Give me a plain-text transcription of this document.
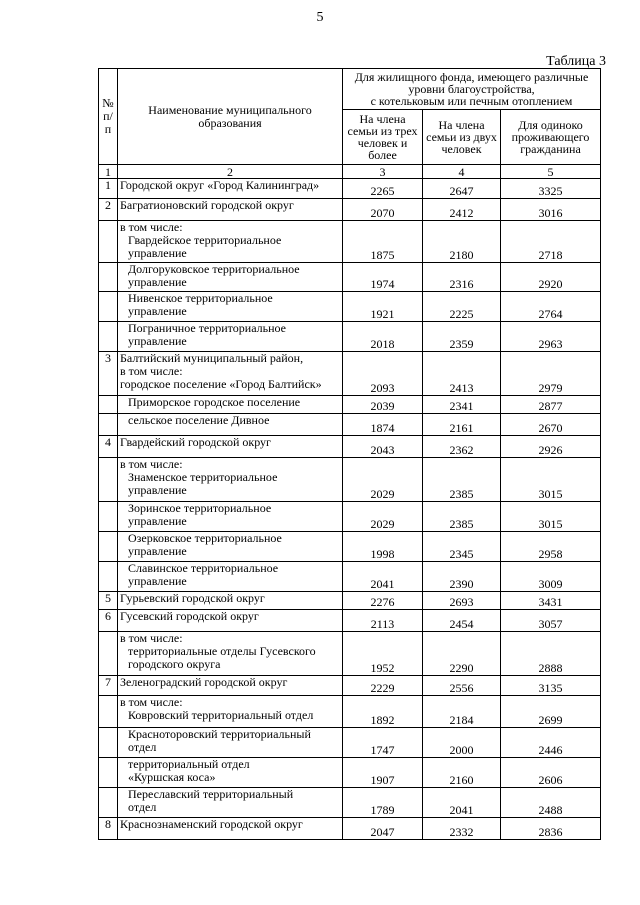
5
Таблица 3
№
п/п	Наименование муниципального образования	Для жилищного фонда, имеющего различные
уровни благоустройства,
с котельковым или печным отоплением		

		На члена семьи из трех человек и более	На члена семьи из двух человек	Для одиноко проживающего гражданина
1	2	3	4	5
1	Городской округ «Город Калининград»	2265	2647	3325
2	Багратионовский городской округ	2070	2412	3016

	в том числе:
Гвардейское территориальное
управление	1875	2180	2718

	Долгоруковское территориальное
управление	1974	2316	2920

	Нивенское территориальное
управление	1921	2225	2764

	Пограничное территориальное
управление	2018	2359	2963
3	Балтийский муниципальный район,
в том числе:
городское поселение «Город Балтийск»	2093	2413	2979

	Приморское городское поселение	2039	2341	2877

	сельское поселение Дивное	1874	2161	2670
4	Гвардейский городской округ	2043	2362	2926

	в том числе:
Знаменское территориальное
управление	2029	2385	3015

	Зоринское территориальное
управление	2029	2385	3015

	Озерковское территориальное
управление	1998	2345	2958

	Славинское территориальное
управление	2041	2390	3009
5	Гурьевский городской округ	2276	2693	3431
6	Гусевский городской округ	2113	2454	3057

	в том числе:
территориальные отделы Гусевского
городского округа	1952	2290	2888
7	Зеленоградский городской округ	2229	2556	3135

	в том числе:
Ковровский территориальный отдел	1892	2184	2699

	Красноторовский территориальный
отдел	1747	2000	2446

	территориальный отдел
«Куршская коса»	1907	2160	2606

	Переславский территориальный
отдел	1789	2041	2488
8	Краснознаменский городской округ	2047	2332	2836
